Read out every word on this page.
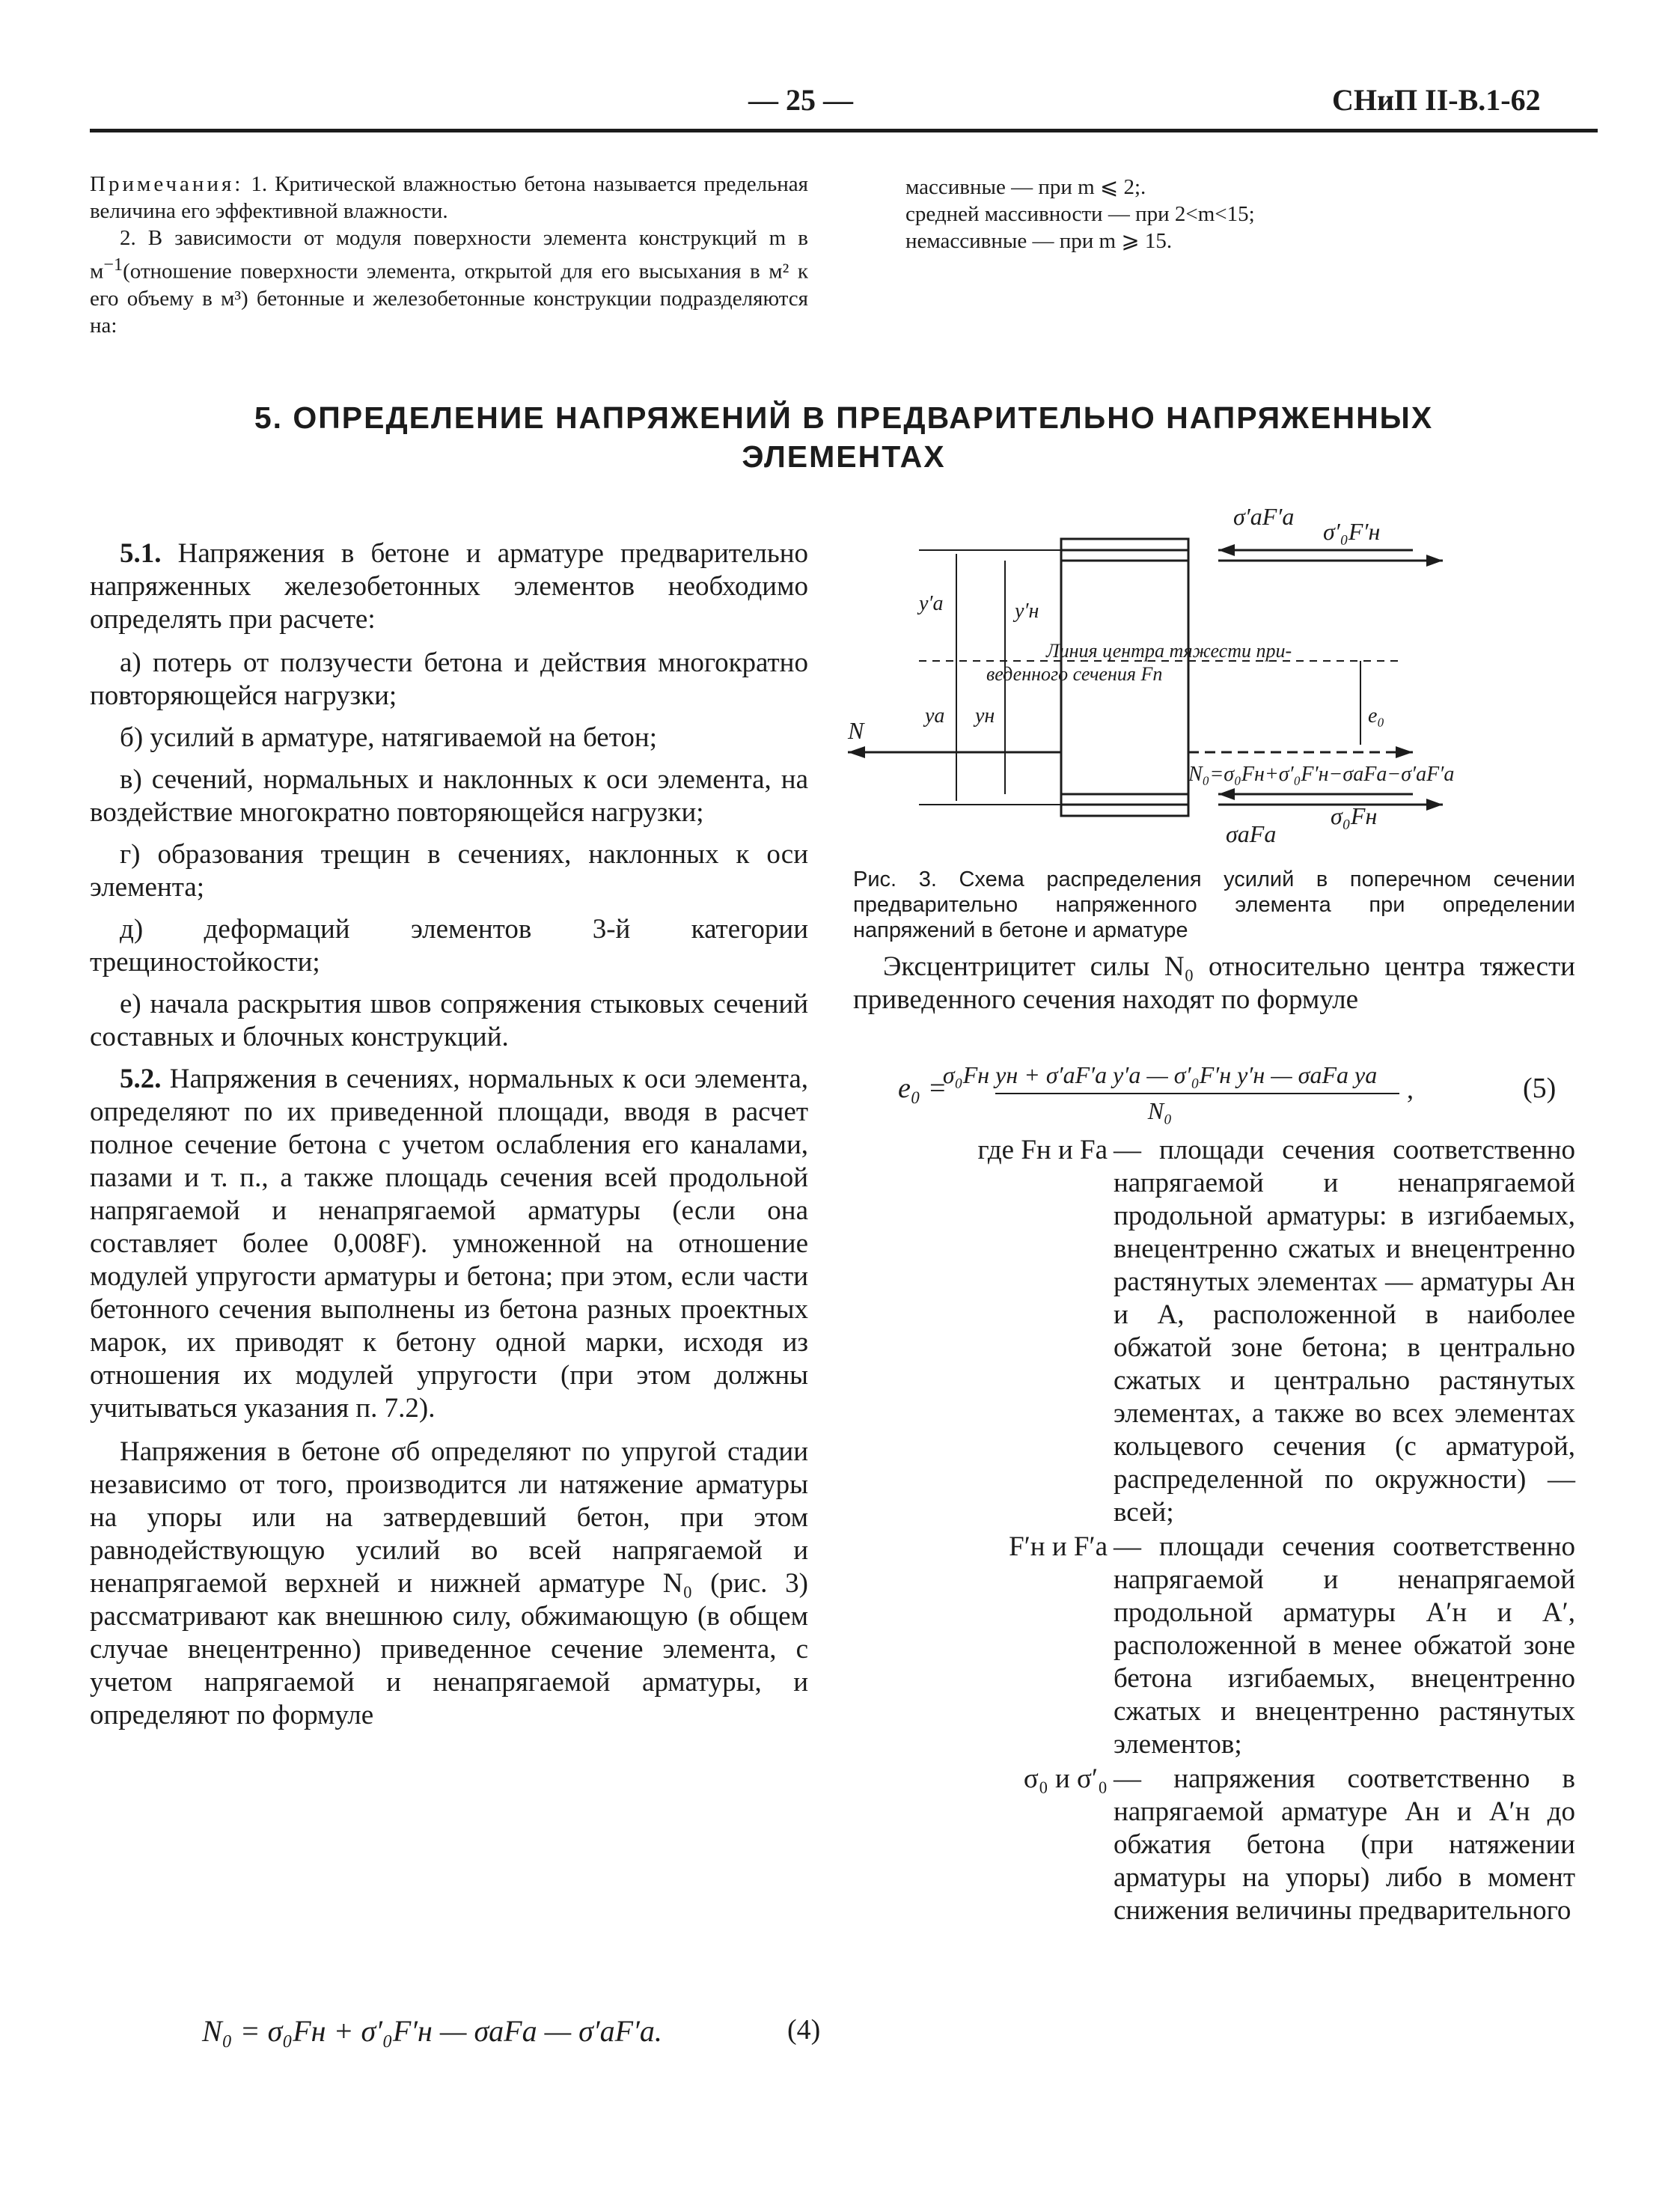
— 25 —	СНиП II-В.1-62
Примечания: 1. Критической влажностью бетона называется предельная величина его эффективной влажности.
2. В зависимости от модуля поверхности элемента конструкций m в $м^{-1}(отношение$ поверхности элемента, открытой для его высыхания в м² к его объему в м³) бетонные и железобетонные конструкции подразделяются на:
массивные — при m ⩽ 2;.
средней массивности — при 2<m<15;
немассивные — при m ⩾ 15.
5. ОПРЕДЕЛЕНИЕ НАПРЯЖЕНИЙ В ПРЕДВАРИТЕЛЬНО НАПРЯЖЕННЫХ
ЭЛЕМЕНТАХ

5.1. Напряжения в бетоне и арматуре предварительно напряженных железобетонных элементов необходимо определять при расчете:

а) потерь от ползучести бетона и действия многократно повторяющейся нагрузки;
б) усилий в арматуре, натягиваемой на бетон;
в) сечений, нормальных и наклонных к оси элемента, на воздействие многократно повторяющейся нагрузки;
г) образования трещин в сечениях, наклонных к оси элемента;
д) деформаций элементов 3-й категории трещиностойкости;
е) начала раскрытия швов сопряжения стыковых сечений составных и блочных конструкций.

5.2. Напряжения в сечениях, нормальных к оси элемента, определяют по их приведенной площади, вводя в расчет полное сечение бетона с учетом ослабления его каналами, пазами и т. п., а также площадь сечения всей продольной напрягаемой и ненапрягаемой арматуры (если она составляет более 0,008F). умноженной на отношение модулей упругости арматуры и бетона; при этом, если части бетонного сечения выполнены из бетона разных проектных марок, их приводят к бетону одной марки, исходя из отношения их модулей упругости (при этом должны учитываться указания п. 7.2).

Напряжения в бетоне σб определяют по упругой стадии независимо от того, производится ли натяжение арматуры на упоры или на затвердевший бетон, при этом равнодействующую усилий во всей напрягаемой и ненапрягаемой верхней и нижней арматуре N₀ (рис. 3) рассматривают как внешнюю силу, обжимающую (в общем случае внецентренно) приведенное сечение элемента, с учетом напрягаемой и ненапрягаемой арматуры, и определяют по формуле

N₀ = σ₀Fн + σ′₀F′н — σаFа — σ′аF′а.	(4)
σ′аF′а
σ′₀F′н
Линия центра тяжести при-
веденного сечения Fп
N
N₀=σ₀Fн+σ′₀F′н−σаFа−σ′аF′а
σаFа
σ₀Fн
y′а	y′н
yа yн	e₀
Рис. 3. Схема распределения усилий в поперечном сечении предварительно напряженного элемента при определении напряжений в бетоне и арматуре

Эксцентрицитет силы N₀ относительно центра тяжести приведенного сечения находят по формуле

e₀ =
σ₀Fн yн + σ′аF′а y′а — σ′₀F′н y′н — σаFа yа
N₀
,	(5)
где Fн и Fа — площади сечения соответственно напрягаемой и ненапрягаемой продольной арматуры: в изгибаемых, внецентренно сжатых и внецентренно растянутых элементах — арматуры Aн и A, расположенной в наиболее обжатой зоне бетона; в центрально сжатых и центрально растянутых элементах, а также во всех элементах кольцевого сечения (с арматурой, распределенной по окружности) — всей;
F′н и F′а — площади сечения соответственно напрягаемой и ненапрягаемой продольной арматуры A′н и A′, расположенной в менее обжатой зоне бетона изгибаемых, внецентренно сжатых и внецентренно растянутых элементов;
σ₀ и σ′₀ — напряжения соответственно в напрягаемой арматуре Aн и A′н до обжатия бетона (при натяжении арматуры на упоры) либо в момент снижения величины предварительного
